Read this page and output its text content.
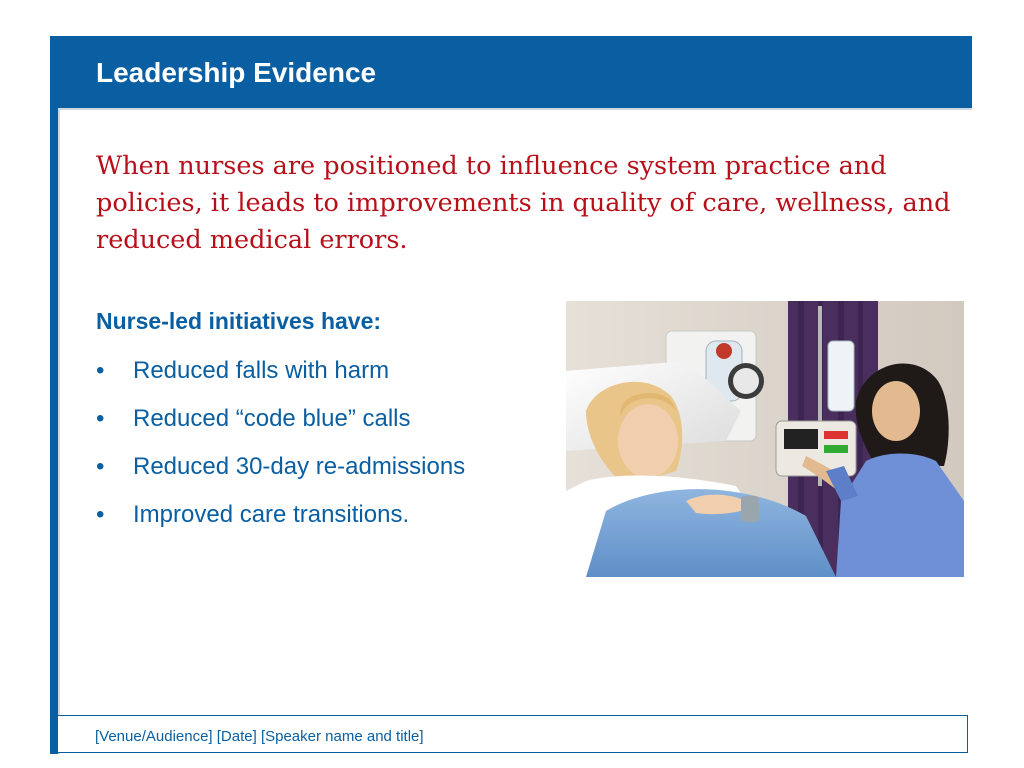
Leadership Evidence

When nurses are positioned to influence system practice and policies, it leads to improvements in quality of care, wellness, and reduced medical errors.

Nurse-led initiatives have:
•	Reduced falls with harm
•	Reduced “code blue” calls
•	Reduced 30-day re-admissions
•	Improved care transitions.
[Venue/Audience] [Date] [Speaker name and title]
